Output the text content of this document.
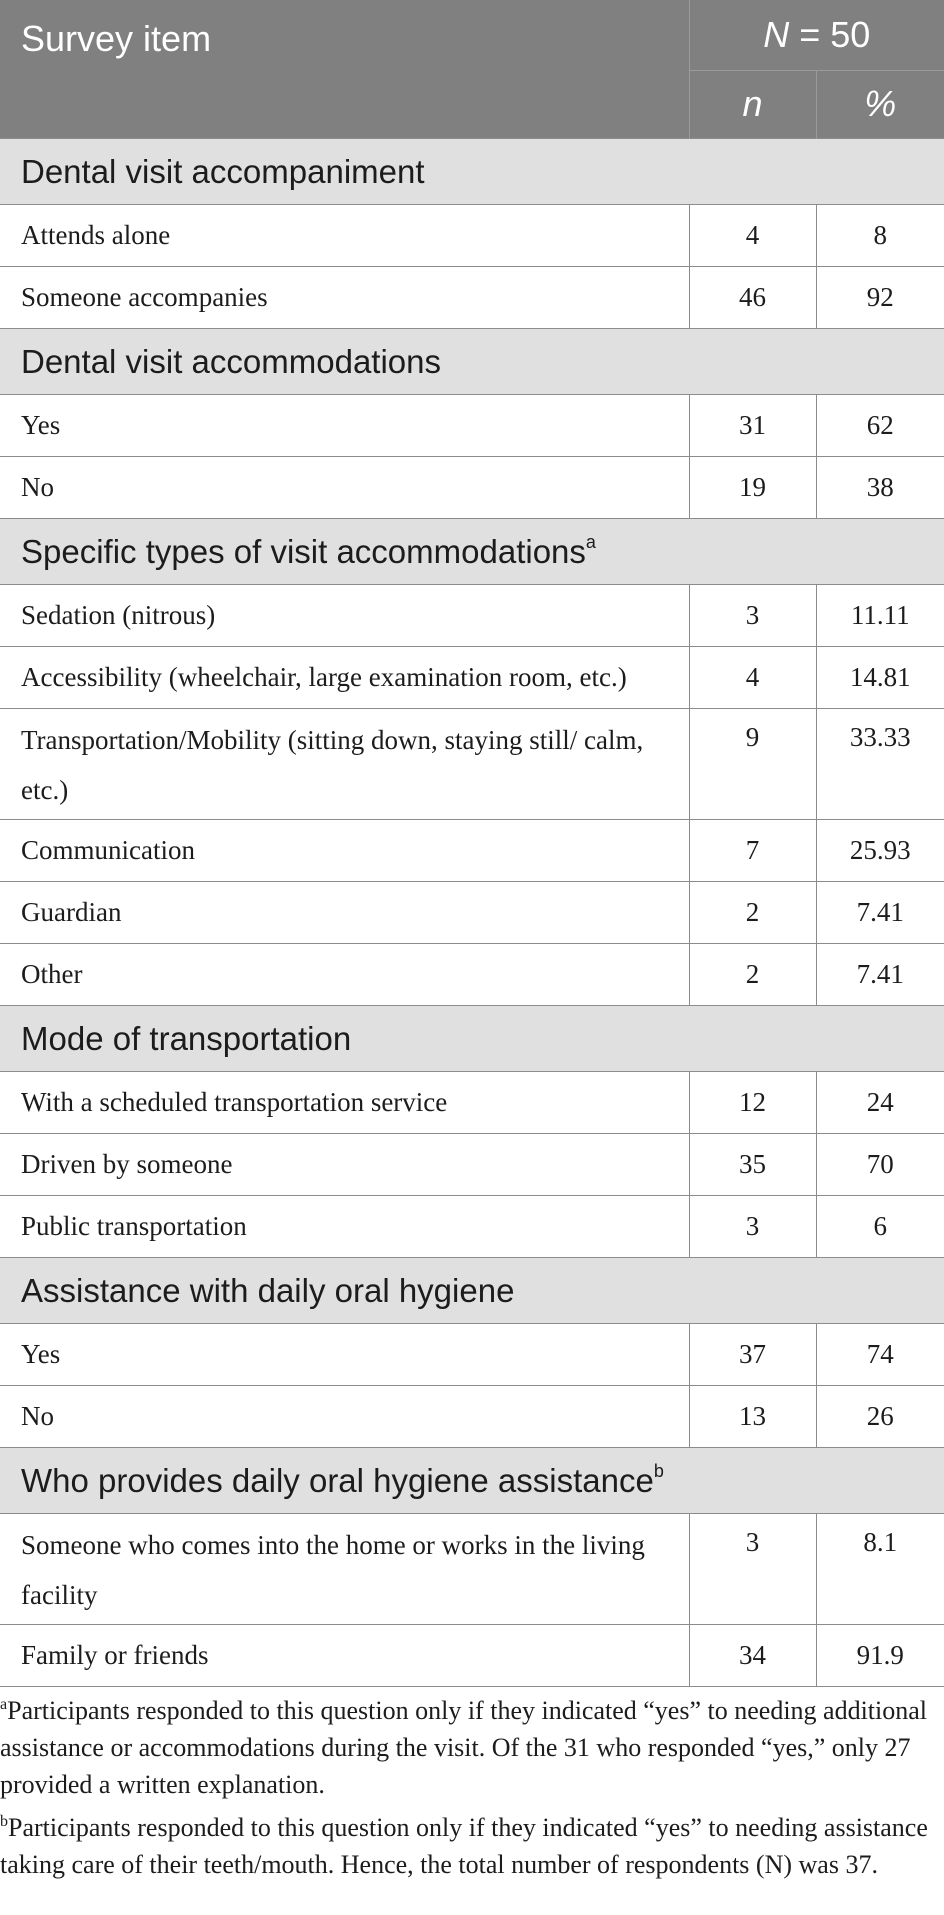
Survey item	N = 50	
	n	%
Dental visit accompaniment		
Attends alone	4	8
Someone accompanies	46	92
Dental visit accommodations		
Yes	31	62
No	19	38
Specific types of visit accommodations$^a$
Sedation (nitrous)	3	11.11
Accessibility (wheelchair, large examination room, etc.)	4	14.81
Transportation/Mobility (sitting down, staying still/ calm, etc.)	9	33.33
Communication	7	25.93
Guardian	2	7.41
Other	2	7.41
Mode of transportation		
With a scheduled transportation service	12	24
Driven by someone	35	70
Public transportation	3	6
Assistance with daily oral hygiene		
Yes	37	74
No	13	26
Who provides daily oral hygiene assistance$^b$
Someone who comes into the home or works in the living facility	3	8.1
Family or friends	34	91.9

$^a$Participants responded to this question only if they indicated “yes” to needing additional assistance or accommodations during the visit. Of the 31 who responded “yes,” only 27 provided a written explanation.

$^b$Participants responded to this question only if they indicated “yes” to needing assistance taking care of their teeth/mouth. Hence, the total number of respondents (N) was 37.
